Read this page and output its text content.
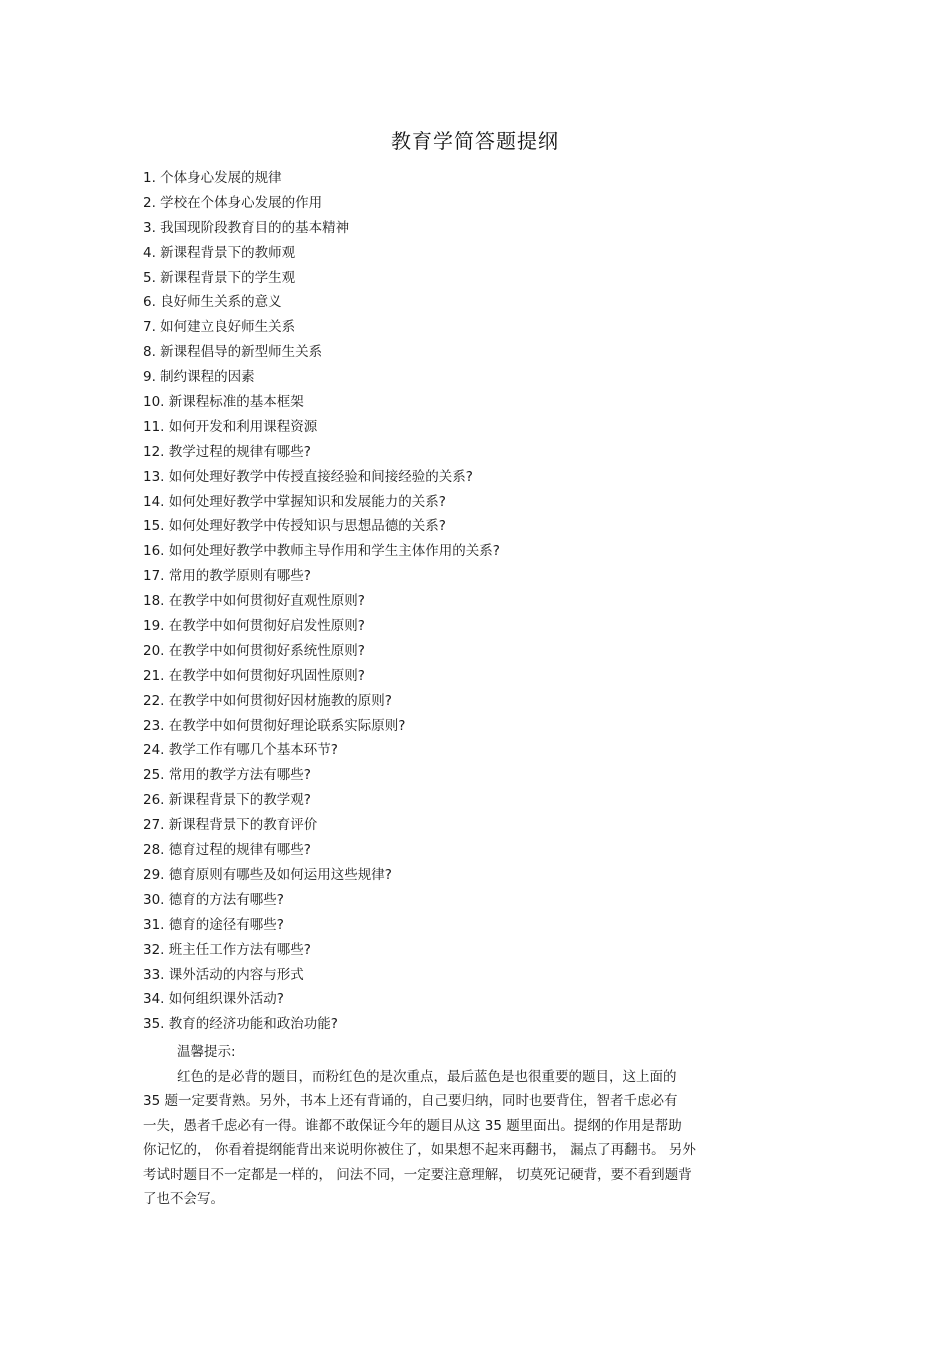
教育学简答题提纲
1. 个体身心发展的规律
2. 学校在个体身心发展的作用
3. 我国现阶段教育目的的基本精神
4. 新课程背景下的教师观
5. 新课程背景下的学生观
6. 良好师生关系的意义
7. 如何建立良好师生关系
8. 新课程倡导的新型师生关系
9. 制约课程的因素
10. 新课程标准的基本框架
11. 如何开发和利用课程资源
12. 教学过程的规律有哪些?
13. 如何处理好教学中传授直接经验和间接经验的关系?
14. 如何处理好教学中掌握知识和发展能力的关系?
15. 如何处理好教学中传授知识与思想品德的关系?
16. 如何处理好教学中教师主导作用和学生主体作用的关系?
17. 常用的教学原则有哪些?
18. 在教学中如何贯彻好直观性原则?
19. 在教学中如何贯彻好启发性原则?
20. 在教学中如何贯彻好系统性原则?
21. 在教学中如何贯彻好巩固性原则?
22. 在教学中如何贯彻好因材施教的原则?
23. 在教学中如何贯彻好理论联系实际原则?
24. 教学工作有哪几个基本环节?
25. 常用的教学方法有哪些?
26. 新课程背景下的教学观?
27. 新课程背景下的教育评价
28. 德育过程的规律有哪些?
29. 德育原则有哪些及如何运用这些规律?
30. 德育的方法有哪些?
31. 德育的途径有哪些?
32. 班主任工作方法有哪些?
33. 课外活动的内容与形式
34. 如何组织课外活动?
35. 教育的经济功能和政治功能?
温馨提示:
红色的是必背的题目，而粉红色的是次重点，最后蓝色是也很重要的题目，这上面的
35 题一定要背熟。另外，书本上还有背诵的，自己要归纳，同时也要背住，智者千虑必有
一失，愚者千虑必有一得。谁都不敢保证今年的题目从这 35 题里面出。提纲的作用是帮助
你记忆的， 你看着提纲能背出来说明你被住了，如果想不起来再翻书， 漏点了再翻书。 另外
考试时题目不一定都是一样的， 问法不同，一定要注意理解， 切莫死记硬背，要不看到题背
了也不会写。
